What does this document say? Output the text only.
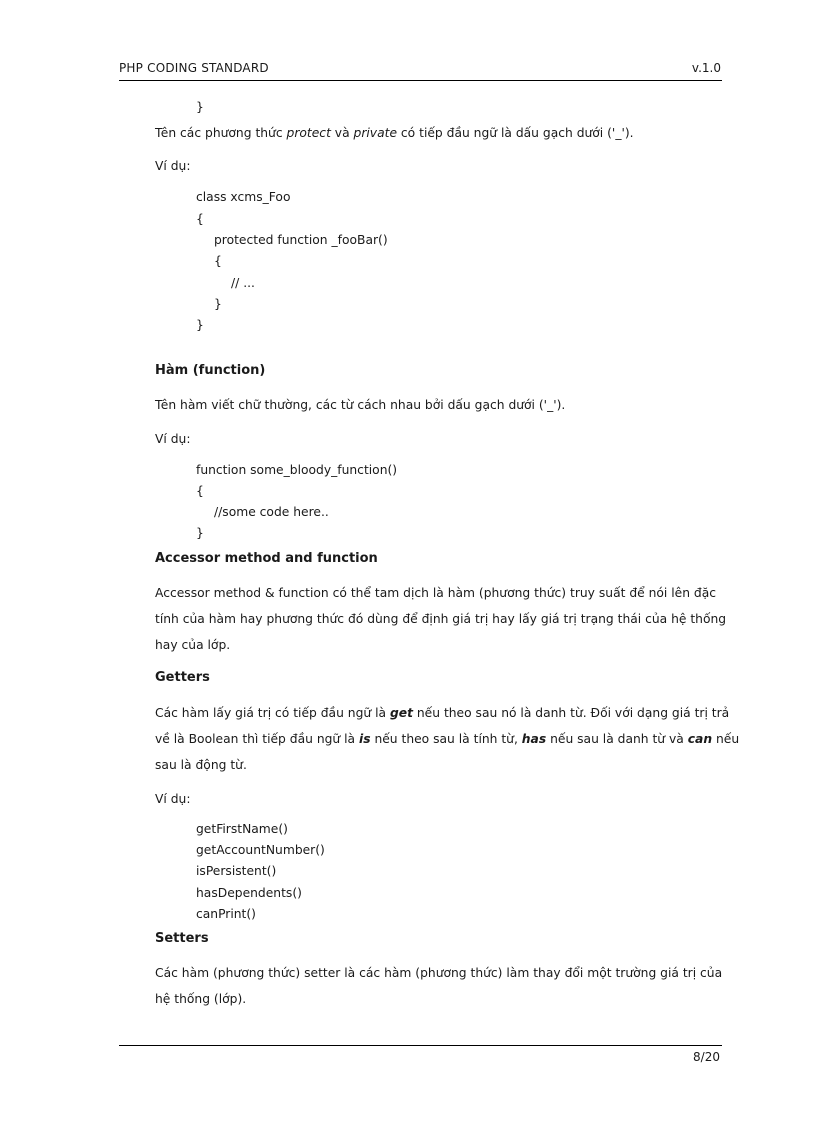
PHP CODING STANDARD	v.1.0
}
Tên các phương thức protect và private có tiếp đầu ngữ là dấu gạch dưới ('_').
Ví dụ:
class xcms_Foo
{
protected function _fooBar()
{
// ...
}
}
Hàm (function)
Tên hàm viết chữ thường, các từ cách nhau bởi dấu gạch dưới ('_').
Ví dụ:
function some_bloody_function()
{
//some code here..
}
Accessor method and function
Accessor method & function có thể tam dịch là hàm (phương thức) truy suất để nói lên đặc
tính của hàm hay phương thức đó dùng để định giá trị hay lấy giá trị trạng thái của hệ thống
hay của lớp.
Getters
Các hàm lấy giá trị có tiếp đầu ngữ là get nếu theo sau nó là danh từ. Đối với dạng giá trị trả
về là Boolean thì tiếp đầu ngữ là is nếu theo sau là tính từ, has nếu sau là danh từ và can nếu
sau là động từ.
Ví dụ:
getFirstName()
getAccountNumber()
isPersistent()
hasDependents()
canPrint()
Setters
Các hàm (phương thức) setter là các hàm (phương thức) làm thay đổi một trường giá trị của
hệ thống (lớp).
8/20
